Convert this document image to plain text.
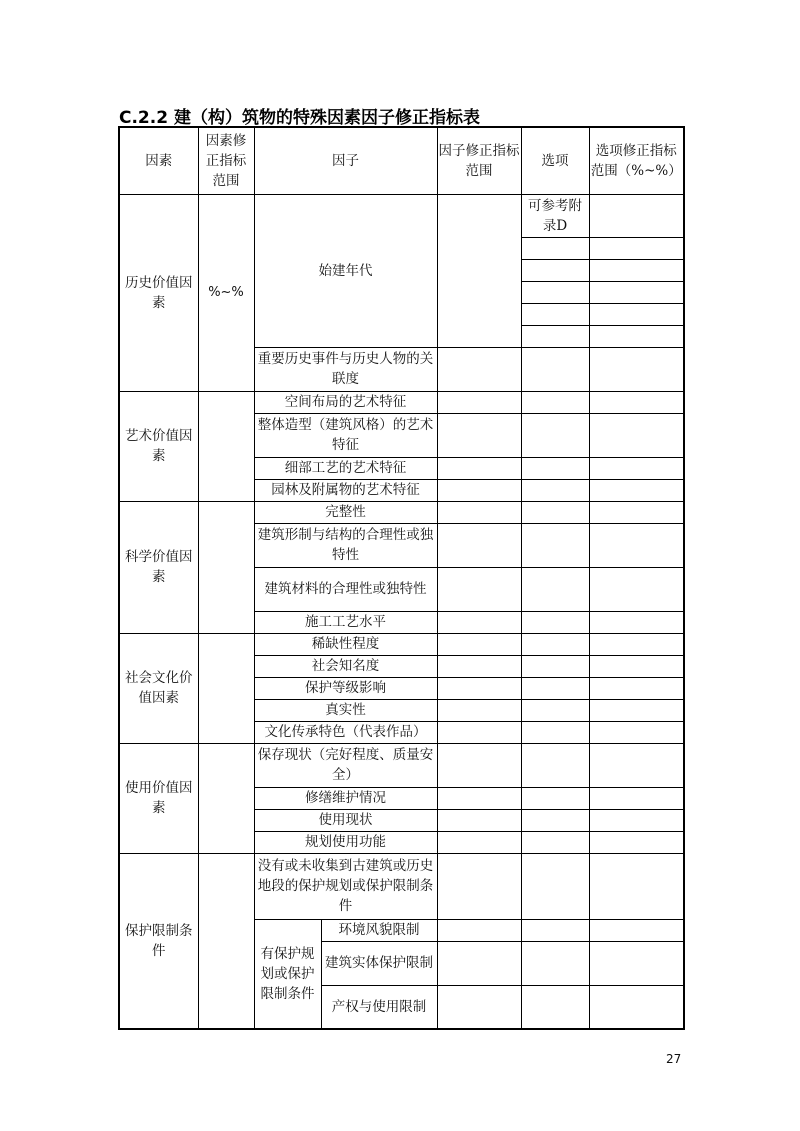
C.2.2 建（构）筑物的特殊因素因子修正指标表
因素	因素修正指标范围	因子		因子修正指标范围	选项	选项修正指标范围（%~%）
历史价值因素	%~%	始建年代			可参考附录D	

		重要历史事件与历史人物的关联度				
艺术价值因素		空间布局的艺术特征				
		整体造型（建筑风格）的艺术特征				
		细部工艺的艺术特征				
		园林及附属物的艺术特征				
科学价值因素		完整性				
		建筑形制与结构的合理性或独特性				
		建筑材料的合理性或独特性				
		施工工艺水平				
社会文化价值因素		稀缺性程度				
		社会知名度				
		保护等级影响				
		真实性				
		文化传承特色（代表作品）				
使用价值因素		保存现状（完好程度、质量安全）				
		修缮维护情况				
		使用现状				
		规划使用功能				
保护限制条件		没有或未收集到古建筑或历史地段的保护规划或保护限制条件				
		有保护规划或保护限制条件	环境风貌限制			
			建筑实体保护限制			
			产权与使用限制			
27
